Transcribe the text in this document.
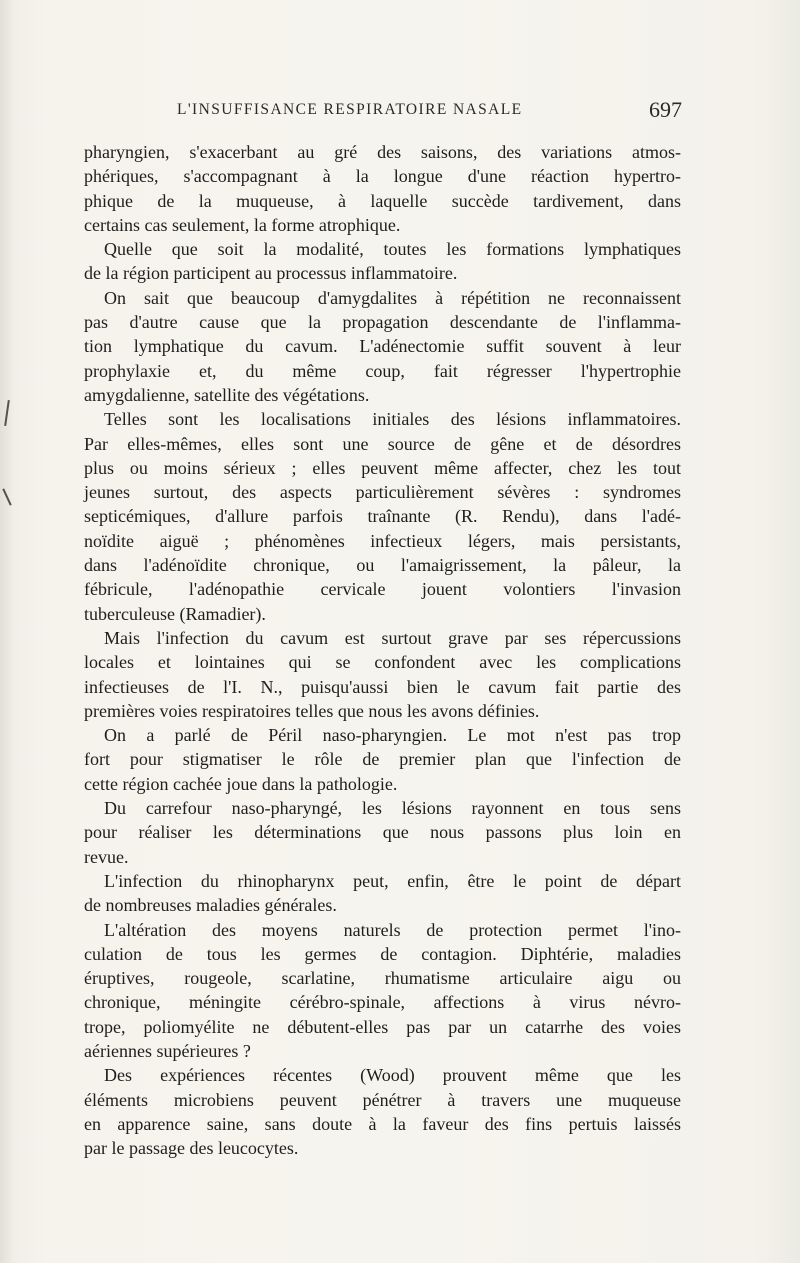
L'INSUFFISANCE RESPIRATOIRE NASALE	697
pharyngien, s'exacerbant au gré des saisons, des variations atmos-
phériques, s'accompagnant à la longue d'une réaction hypertro-
phique de la muqueuse, à laquelle succède tardivement, dans
certains cas seulement, la forme atrophique.
Quelle que soit la modalité, toutes les formations lymphatiques
de la région participent au processus inflammatoire.
On sait que beaucoup d'amygdalites à répétition ne reconnaissent
pas d'autre cause que la propagation descendante de l'inflamma-
tion lymphatique du cavum. L'adénectomie suffit souvent à leur
prophylaxie et, du même coup, fait régresser l'hypertrophie
amygdalienne, satellite des végétations.
Telles sont les localisations initiales des lésions inflammatoires.
Par elles-mêmes, elles sont une source de gêne et de désordres
plus ou moins sérieux ; elles peuvent même affecter, chez les tout
jeunes surtout, des aspects particulièrement sévères : syndromes
septicémiques, d'allure parfois traînante (R. Rendu), dans l'adé-
noïdite aiguë ; phénomènes infectieux légers, mais persistants,
dans l'adénoïdite chronique, ou l'amaigrissement, la pâleur, la
fébricule, l'adénopathie cervicale jouent volontiers l'invasion
tuberculeuse (Ramadier).
Mais l'infection du cavum est surtout grave par ses répercussions
locales et lointaines qui se confondent avec les complications
infectieuses de l'I. N., puisqu'aussi bien le cavum fait partie des
premières voies respiratoires telles que nous les avons définies.
On a parlé de Péril naso-pharyngien. Le mot n'est pas trop
fort pour stigmatiser le rôle de premier plan que l'infection de
cette région cachée joue dans la pathologie.
Du carrefour naso-pharyngé, les lésions rayonnent en tous sens
pour réaliser les déterminations que nous passons plus loin en
revue.
L'infection du rhinopharynx peut, enfin, être le point de départ
de nombreuses maladies générales.
L'altération des moyens naturels de protection permet l'ino-
culation de tous les germes de contagion. Diphtérie, maladies
éruptives, rougeole, scarlatine, rhumatisme articulaire aigu ou
chronique, méningite cérébro-spinale, affections à virus névro-
trope, poliomyélite ne débutent-elles pas par un catarrhe des voies
aériennes supérieures ?
Des expériences récentes (Wood) prouvent même que les
éléments microbiens peuvent pénétrer à travers une muqueuse
en apparence saine, sans doute à la faveur des fins pertuis laissés
par le passage des leucocytes.
